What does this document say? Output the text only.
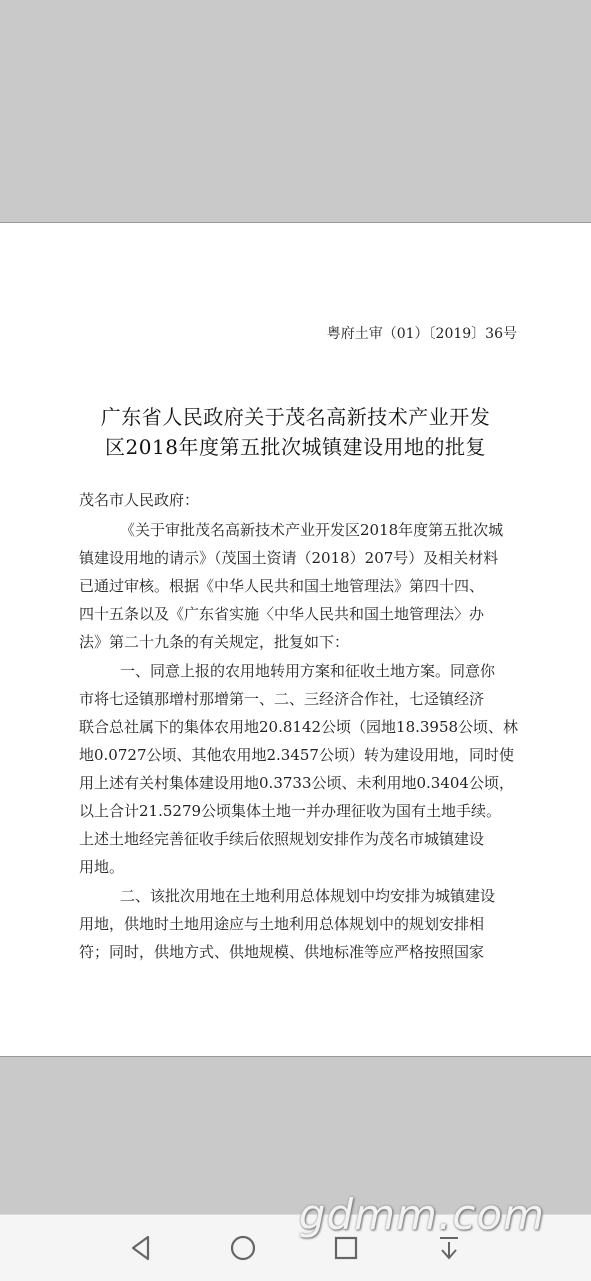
粤府土审（01）〔2019〕36号
广东省人民政府关于茂名高新技术产业开发
区2018年度第五批次城镇建设用地的批复
茂名市人民政府：
《关于审批茂名高新技术产业开发区2018年度第五批次城
镇建设用地的请示》（茂国土资请（2018）207号）及相关材料
已通过审核。根据《中华人民共和国土地管理法》第四十四、
四十五条以及《广东省实施〈中华人民共和国土地管理法〉办
法》第二十九条的有关规定，批复如下：
一、同意上报的农用地转用方案和征收土地方案。同意你
市将七迳镇那增村那增第一、二、三经济合作社，七迳镇经济
联合总社属下的集体农用地20.8142公顷（园地18.3958公顷、林
地0.0727公顷、其他农用地2.3457公顷）转为建设用地，同时使
用上述有关村集体建设用地0.3733公顷、未利用地0.3404公顷，
以上合计21.5279公顷集体土地一并办理征收为国有土地手续。
上述土地经完善征收手续后依照规划安排作为茂名市城镇建设
用地。
二、该批次用地在土地利用总体规划中均安排为城镇建设
用地，供地时土地用途应与土地利用总体规划中的规划安排相
符；同时，供地方式、供地规模、供地标准等应严格按照国家
gdmm.com
